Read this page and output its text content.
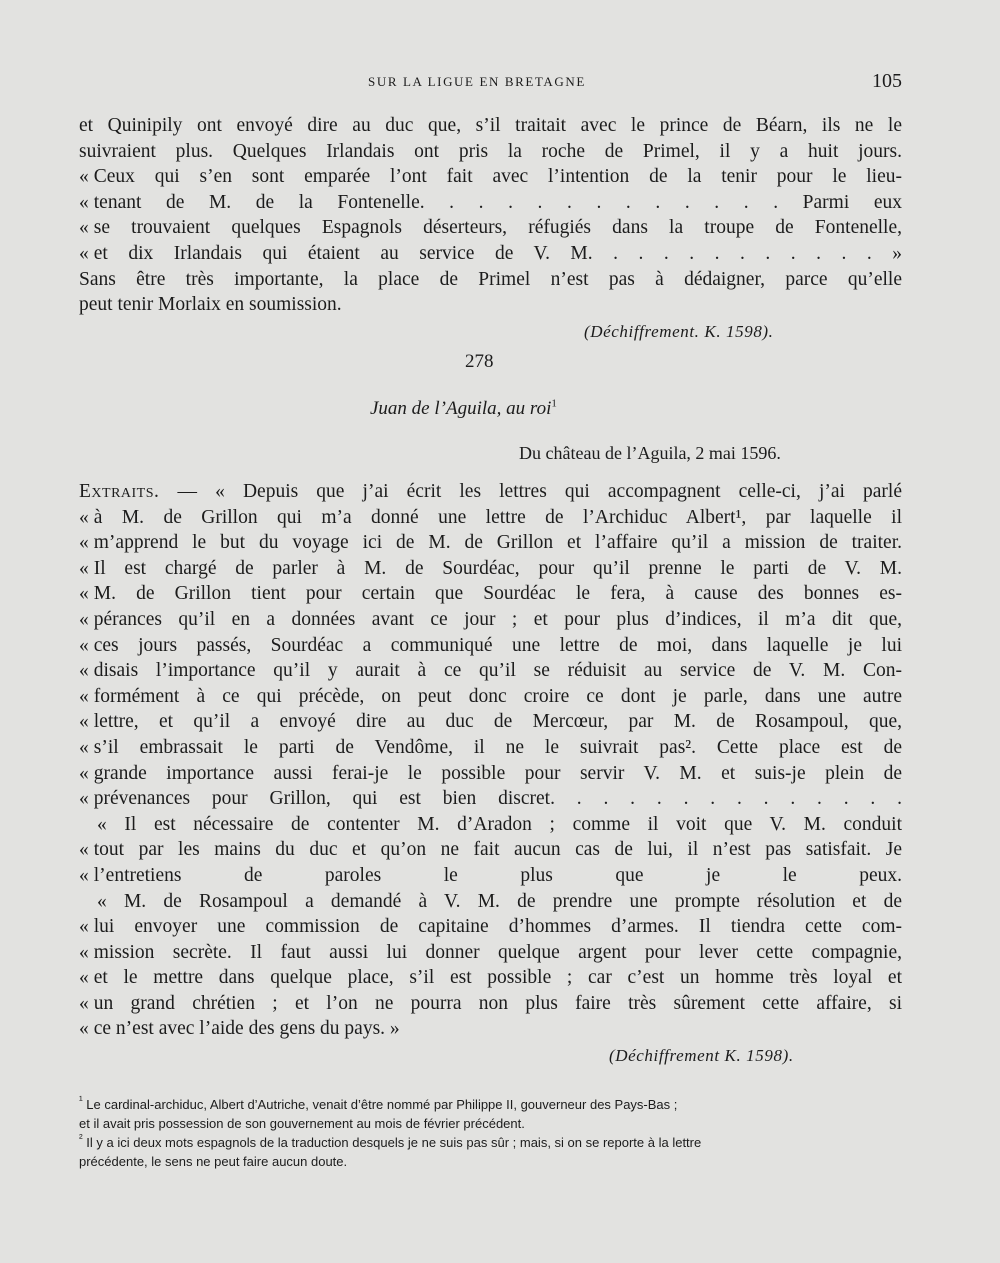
SUR LA LIGUE EN BRETAGNE	105
et Quinipily ont envoyé dire au duc que, s’il traitait avec le prince de Béarn, ils ne le
suivraient plus. Quelques Irlandais ont pris la roche de Primel, il y a huit jours.
« Ceux qui s’en sont emparée l’ont fait avec l’intention de la tenir pour le lieu-
« tenant de M. de la Fontenelle. . . . . . . . . . . . . Parmi eux
« se trouvaient quelques Espagnols déserteurs, réfugiés dans la troupe de Fontenelle,
« et dix Irlandais qui étaient au service de V. M. . . . . . . . . . . . »
Sans être très importante, la place de Primel n’est pas à dédaigner, parce qu’elle
peut tenir Morlaix en soumission.
(Déchiffrement. K. 1598).
278
Juan de l’Aguila, au roi$^1$
Du château de l’Aguila, 2 mai 1596.
Extraits. — « Depuis que j’ai écrit les lettres qui accompagnent celle-ci, j’ai parlé
« à M. de Grillon qui m’a donné une lettre de l’Archiduc Albert¹, par laquelle il
« m’apprend le but du voyage ici de M. de Grillon et l’affaire qu’il a mission de traiter.
« Il est chargé de parler à M. de Sourdéac, pour qu’il prenne le parti de V. M.
« M. de Grillon tient pour certain que Sourdéac le fera, à cause des bonnes es-
« pérances qu’il en a données avant ce jour ; et pour plus d’indices, il m’a dit que,
« ces jours passés, Sourdéac a communiqué une lettre de moi, dans laquelle je lui
« disais l’importance qu’il y aurait à ce qu’il se réduisit au service de V. M. Con-
« formément à ce qui précède, on peut donc croire ce dont je parle, dans une autre
« lettre, et qu’il a envoyé dire au duc de Mercœur, par M. de Rosampoul, que,
« s’il embrassait le parti de Vendôme, il ne le suivrait pas². Cette place est de
« grande importance aussi ferai-je le possible pour servir V. M. et suis-je plein de
« prévenances pour Grillon, qui est bien discret. . . . . . . . . . . . . .
« Il est nécessaire de contenter M. d’Aradon ; comme il voit que V. M. conduit
« tout par les mains du duc et qu’on ne fait aucun cas de lui, il n’est pas satisfait. Je
« l’entretiens de paroles le plus que je le peux.
« M. de Rosampoul a demandé à V. M. de prendre une prompte résolution et de
« lui envoyer une commission de capitaine d’hommes d’armes. Il tiendra cette com-
« mission secrète. Il faut aussi lui donner quelque argent pour lever cette compagnie,
« et le mettre dans quelque place, s’il est possible ; car c’est un homme très loyal et
« un grand chrétien ; et l’on ne pourra non plus faire très sûrement cette affaire, si
« ce n’est avec l’aide des gens du pays. »
(Déchiffrement K. 1598).
$^{^1}$ Le cardinal-archiduc, Albert d’Autriche, venait d’être nommé par Philippe II, gouverneur des Pays-Bas ;
et il avait pris possession de son gouvernement au mois de février précédent.
$^{^2}$ Il y a ici deux mots espagnols de la traduction desquels je ne suis pas sûr ; mais, si on se reporte à la lettre
précédente, le sens ne peut faire aucun doute.
